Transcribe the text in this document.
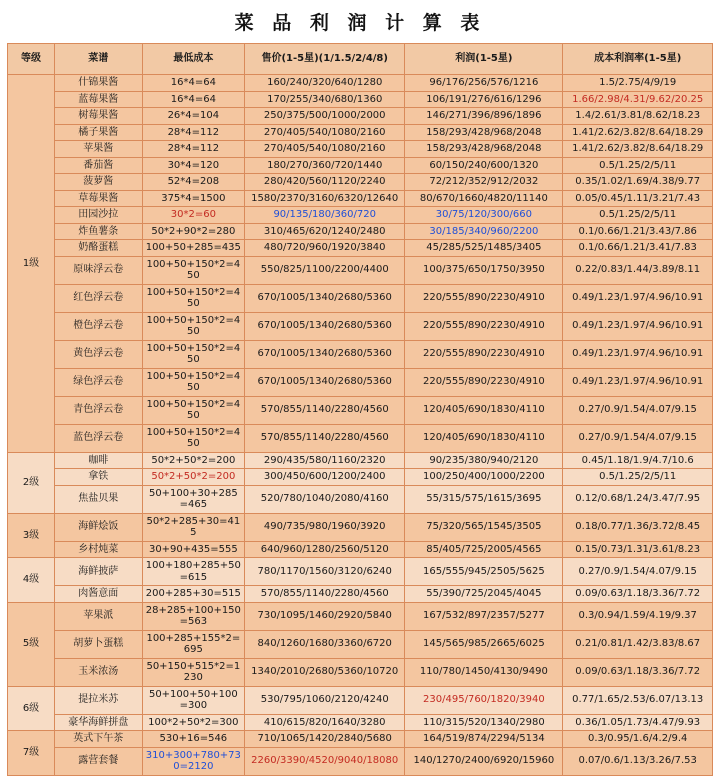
菜 品 利 润 计 算 表
等级	菜谱	最低成本	售价(1-5星)(1/1.5/2/4/8)	利润(1-5星)	成本利润率(1-5星)
1级	什锦果酱	16*4=64	160/240/320/640/1280	96/176/256/576/1216	1.5/2.75/4/9/19
	蓝莓果酱	16*4=64	170/255/340/680/1360	106/191/276/616/1296	1.66/2.98/4.31/9.62/20.25
	树莓果酱	26*4=104	250/375/500/1000/2000	146/271/396/896/1896	1.4/2.61/3.81/8.62/18.23
	橘子果酱	28*4=112	270/405/540/1080/2160	158/293/428/968/2048	1.41/2.62/3.82/8.64/18.29
	苹果酱	28*4=112	270/405/540/1080/2160	158/293/428/968/2048	1.41/2.62/3.82/8.64/18.29
	番茄酱	30*4=120	180/270/360/720/1440	60/150/240/600/1320	0.5/1.25/2/5/11
	菠萝酱	52*4=208	280/420/560/1120/2240	72/212/352/912/2032	0.35/1.02/1.69/4.38/9.77
	草莓果酱	375*4=1500	1580/2370/3160/6320/12640	80/670/1660/4820/11140	0.05/0.45/1.11/3.21/7.43
	田园沙拉	30*2=60	90/135/180/360/720	30/75/120/300/660	0.5/1.25/2/5/11
	炸鱼薯条	50*2+90*2=280	310/465/620/1240/2480	30/185/340/960/2200	0.1/0.66/1.21/3.43/7.86
	奶酪蛋糕	100+50+285=435	480/720/960/1920/3840	45/285/525/1485/3405	0.1/0.66/1.21/3.41/7.83
	原味浮云卷	100+50+150*2=450	550/825/1100/2200/4400	100/375/650/1750/3950	0.22/0.83/1.44/3.89/8.11
	红色浮云卷	100+50+150*2=450	670/1005/1340/2680/5360	220/555/890/2230/4910	0.49/1.23/1.97/4.96/10.91
	橙色浮云卷	100+50+150*2=450	670/1005/1340/2680/5360	220/555/890/2230/4910	0.49/1.23/1.97/4.96/10.91
	黄色浮云卷	100+50+150*2=450	670/1005/1340/2680/5360	220/555/890/2230/4910	0.49/1.23/1.97/4.96/10.91
	绿色浮云卷	100+50+150*2=450	670/1005/1340/2680/5360	220/555/890/2230/4910	0.49/1.23/1.97/4.96/10.91
	青色浮云卷	100+50+150*2=450	570/855/1140/2280/4560	120/405/690/1830/4110	0.27/0.9/1.54/4.07/9.15
	蓝色浮云卷	100+50+150*2=450	570/855/1140/2280/4560	120/405/690/1830/4110	0.27/0.9/1.54/4.07/9.15
2级	咖啡	50*2+50*2=200	290/435/580/1160/2320	90/235/380/940/2120	0.45/1.18/1.9/4.7/10.6
	拿铁	50*2+50*2=200	300/450/600/1200/2400	100/250/400/1000/2200	0.5/1.25/2/5/11
	焦盐贝果	50+100+30+285=465	520/780/1040/2080/4160	55/315/575/1615/3695	0.12/0.68/1.24/3.47/7.95
3级	海鲜烩饭	50*2+285+30=415	490/735/980/1960/3920	75/320/565/1545/3505	0.18/0.77/1.36/3.72/8.45
	乡村炖菜	30+90+435=555	640/960/1280/2560/5120	85/405/725/2005/4565	0.15/0.73/1.31/3.61/8.23
4级	海鲜披萨	100+180+285+50=615	780/1170/1560/3120/6240	165/555/945/2505/5625	0.27/0.9/1.54/4.07/9.15
	肉酱意面	200+285+30=515	570/855/1140/2280/4560	55/390/725/2045/4045	0.09/0.63/1.18/3.36/7.72
5级	苹果派	28+285+100+150=563	730/1095/1460/2920/5840	167/532/897/2357/5277	0.3/0.94/1.59/4.19/9.37
	胡萝卜蛋糕	100+285+155*2=695	840/1260/1680/3360/6720	145/565/985/2665/6025	0.21/0.81/1.42/3.83/8.67
	玉米浓汤	50+150+515*2=1230	1340/2010/2680/5360/10720	110/780/1450/4130/9490	0.09/0.63/1.18/3.36/7.72
6级	提拉米苏	50+100+50+100=300	530/795/1060/2120/4240	230/495/760/1820/3940	0.77/1.65/2.53/6.07/13.13
	豪华海鲜拼盘	100*2+50*2=300	410/615/820/1640/3280	110/315/520/1340/2980	0.36/1.05/1.73/4.47/9.93
7级	英式下午茶	530+16=546	710/1065/1420/2840/5680	164/519/874/2294/5134	0.3/0.95/1.6/4.2/9.4
	露营套餐	310+300+780+730=2120	2260/3390/4520/9040/18080	140/1270/2400/6920/15960	0.07/0.6/1.13/3.26/7.53
